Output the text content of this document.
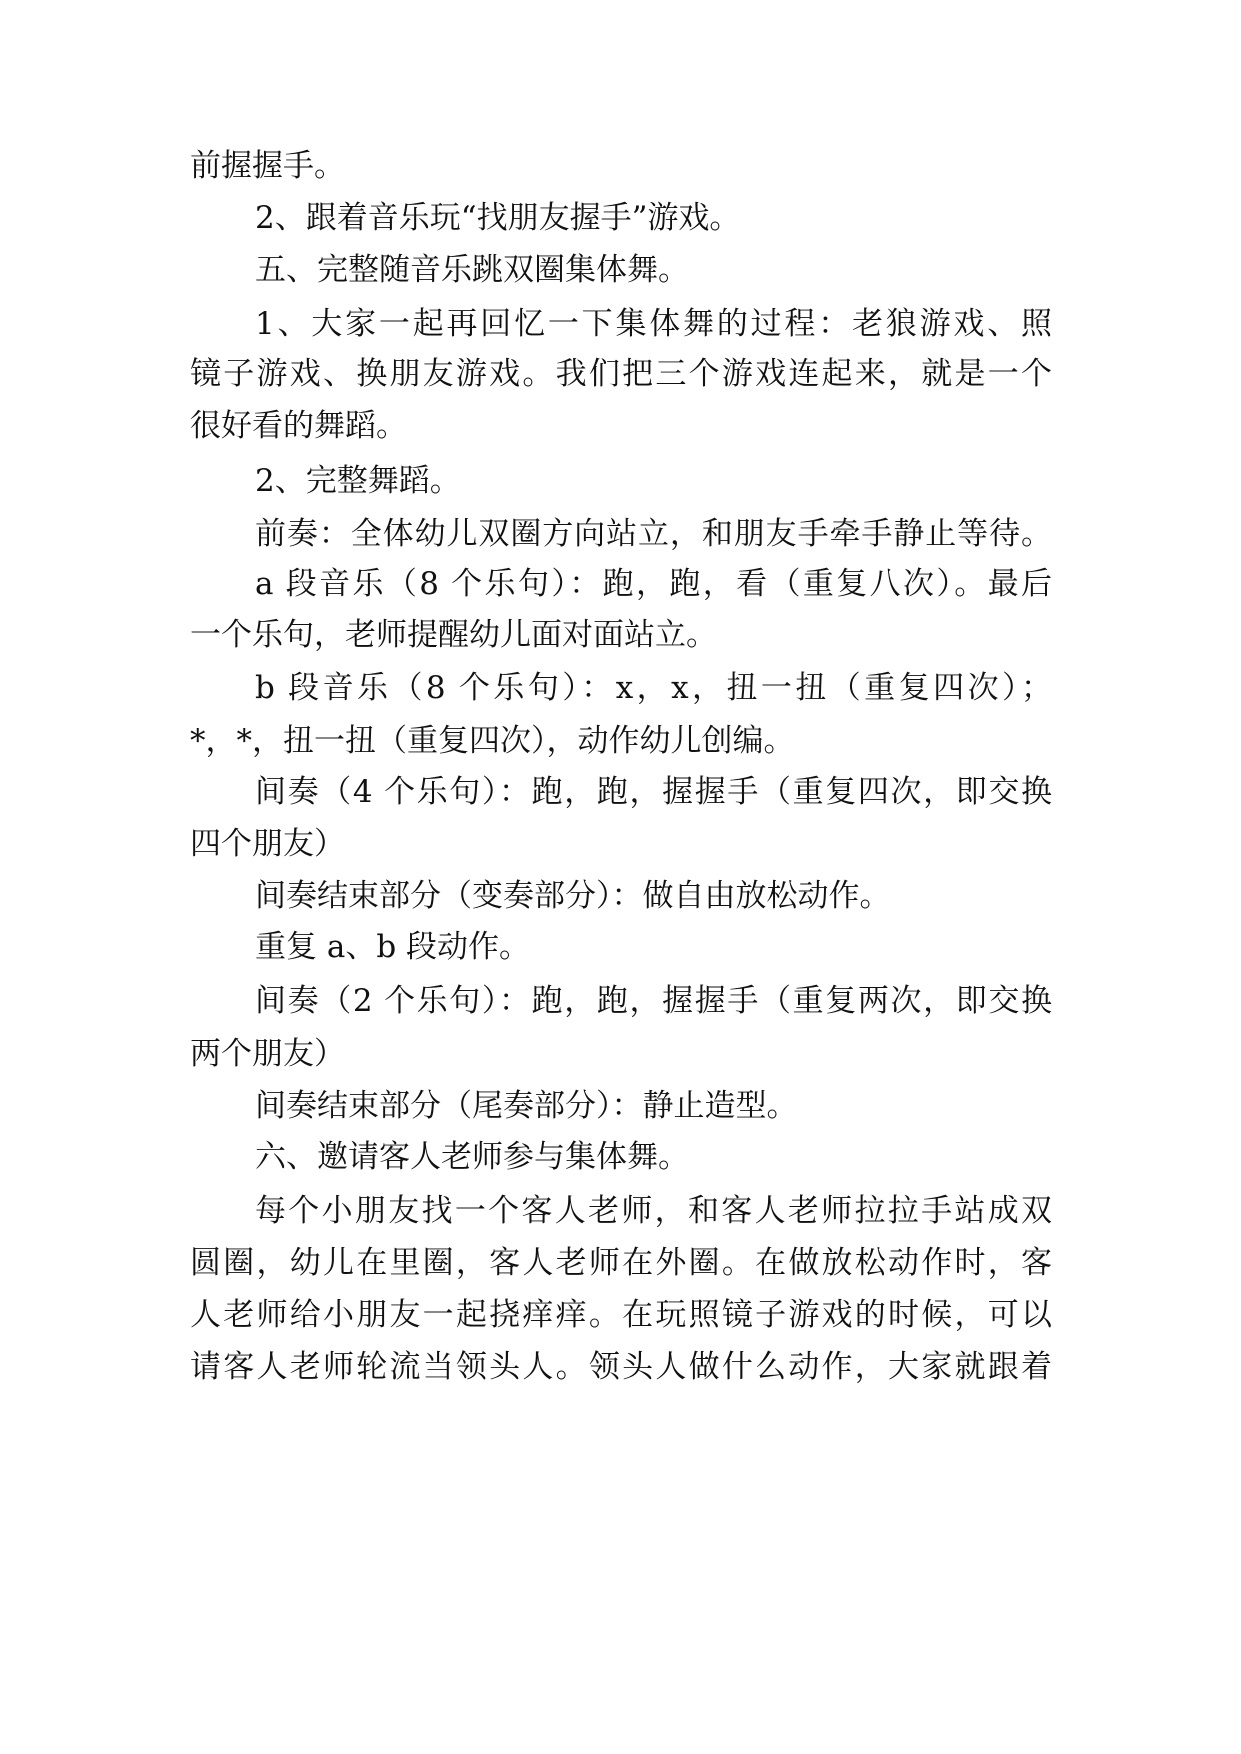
前握握手。
2、跟着音乐玩“找朋友握手”游戏。
五、完整随音乐跳双圈集体舞。
1、大家一起再回忆一下集体舞的过程：老狼游戏、照
镜子游戏、换朋友游戏。我们把三个游戏连起来，就是一个
很好看的舞蹈。
2、完整舞蹈。
前奏：全体幼儿双圈方向站立，和朋友手牵手静止等待。
a 段音乐（8 个乐句）：跑，跑，看（重复八次）。最后
一个乐句，老师提醒幼儿面对面站立。
b 段音乐（8 个乐句）：x，x，扭一扭（重复四次）；
*，*，扭一扭（重复四次），动作幼儿创编。
间奏（4 个乐句）：跑，跑，握握手（重复四次，即交换
四个朋友）
间奏结束部分（变奏部分）：做自由放松动作。
重复 a、b 段动作。
间奏（2 个乐句）：跑，跑，握握手（重复两次，即交换
两个朋友）
间奏结束部分（尾奏部分）：静止造型。
六、邀请客人老师参与集体舞。
每个小朋友找一个客人老师，和客人老师拉拉手站成双
圆圈，幼儿在里圈，客人老师在外圈。在做放松动作时，客
人老师给小朋友一起挠痒痒。在玩照镜子游戏的时候，可以
请客人老师轮流当领头人。领头人做什么动作，大家就跟着
